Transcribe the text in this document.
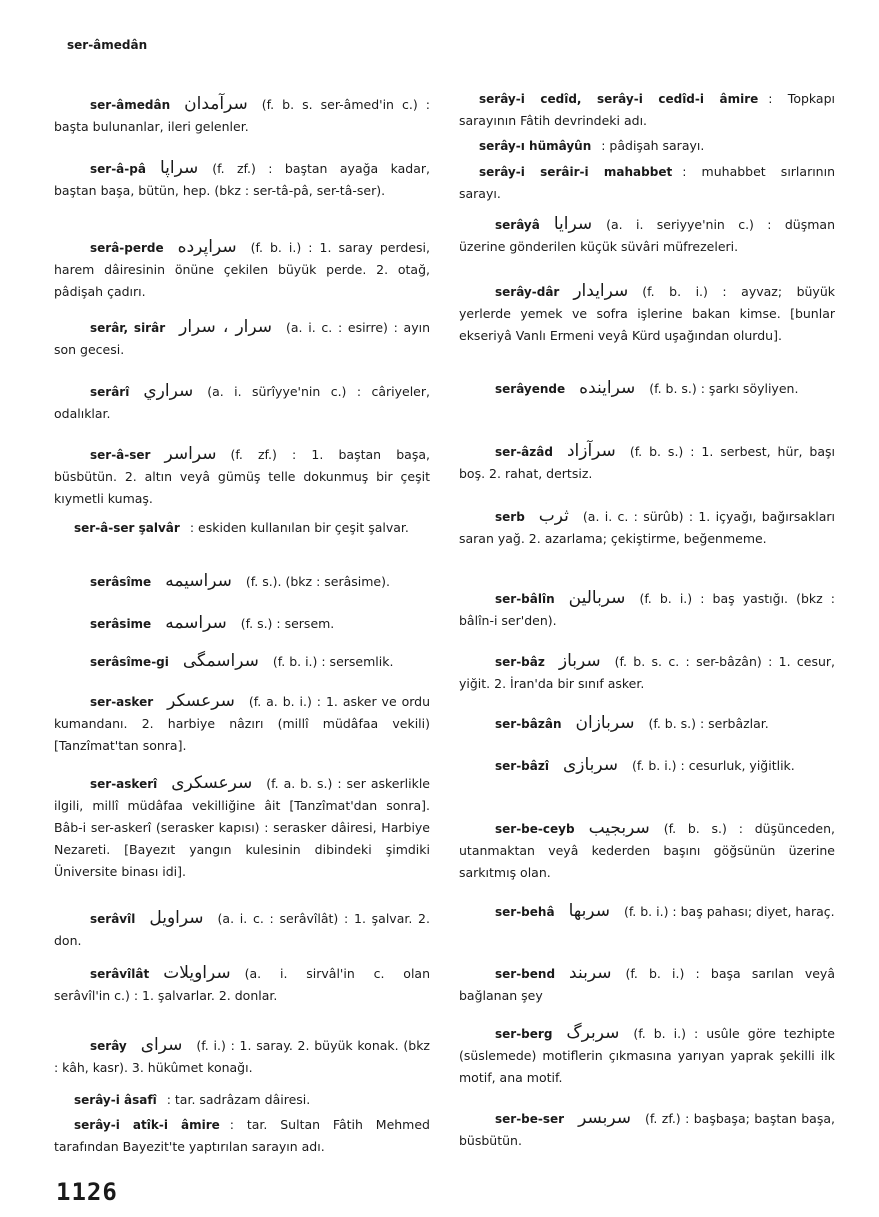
ser-âmedân
ser-âmedân سرآمدان (f. b. s. ser-âmed'in c.) : başta bulunanlar, ileri gelenler.
ser-â-pâ سراپا (f. zf.) : baştan ayağa kadar, baştan başa, bütün, hep. (bkz : ser-tâ-pâ, ser-tâ-ser).
serâ-perde سراپرده (f. b. i.) : 1. saray perdesi, harem dâiresinin önüne çekilen büyük perde. 2. otağ, pâdişah çadırı.
serâr, sirâr سرار ، سرار (a. i. c. : esirre) : ayın son gecesi.
serârî سراري (a. i. sürîyye'nin c.) : câriyeler, odalıklar.
ser-â-ser سراسر (f. zf.) : 1. baştan başa, büsbütün. 2. altın veyâ gümüş telle dokunmuş bir çeşit kıymetli kumaş.
ser-â-ser şalvâr : eskiden kullanılan bir çeşit şalvar.
serâsîme سراسيمه (f. s.). (bkz : serâsime).
serâsime سراسمه (f. s.) : sersem.
serâsîme-gi سراسمگی (f. b. i.) : sersemlik.
ser-asker سرعسكر (f. a. b. i.) : 1. asker ve ordu kumandanı. 2. harbiye nâzırı (millî müdâfaa vekili) [Tanzîmat'tan sonra].
ser-askerî سرعسكرى (f. a. b. s.) : ser askerlikle ilgili, millî müdâfaa vekilliğine âit [Tanzîmat'dan sonra]. Bâb-i ser-askerî (serasker kapısı) : serasker dâiresi, Harbiye Nezareti. [Bayezıt yangın kulesinin dibindeki şimdiki Üniversite binası idi].
serâvîl سراويل (a. i. c. : serâvîlât) : 1. şalvar. 2. don.
serâvîlât سراويلات (a. i. sirvâl'in c. olan serâvîl'in c.) : 1. şalvarlar. 2. donlar.
serây سراى (f. i.) : 1. saray. 2. büyük konak. (bkz : kâh, kasr). 3. hükûmet konağı.
serây-i âsafî : tar. sadrâzam dâiresi.
serây-i atîk-i âmire : tar. Sultan Fâtih Mehmed tarafından Bayezit'te yaptırılan sarayın adı.
serây-i cedîd, serây-i cedîd-i âmire : Topkapı sarayının Fâtih devrindeki adı.
serây-ı hümâyûn : pâdişah sarayı.
serây-i serâir-i mahabbet : muhabbet sırlarının sarayı.
serâyâ سرايا (a. i. seriyye'nin c.) : düşman üzerine gönderilen küçük süvâri müfrezeleri.
serây-dâr سرايدار (f. b. i.) : ayvaz; büyük yerlerde yemek ve sofra işlerine bakan kimse. [bunlar ekseriyâ Vanlı Ermeni veyâ Kürd uşağından olurdu].
serâyende سراينده (f. b. s.) : şarkı söyliyen.
ser-âzâd سرآزاد (f. b. s.) : 1. serbest, hür, başı boş. 2. rahat, dertsiz.
serb ثرب (a. i. c. : sürûb) : 1. içyağı, bağırsakları saran yağ. 2. azarlama; çekiştirme, beğenmeme.
ser-bâlîn سربالين (f. b. i.) : baş yastığı. (bkz : bâlîn-i ser'den).
ser-bâz سرباز (f. b. s. c. : ser-bâzân) : 1. cesur, yiğit. 2. İran'da bir sınıf asker.
ser-bâzân سربازان (f. b. s.) : serbâzlar.
ser-bâzî سربازى (f. b. i.) : cesurluk, yiğitlik.
ser-be-ceyb سربجيب (f. b. s.) : düşünceden, utanmaktan veyâ kederden başını göğsünün üzerine sarkıtmış olan.
ser-behâ سربها (f. b. i.) : baş pahası; diyet, haraç.
ser-bend سربند (f. b. i.) : başa sarılan veyâ bağlanan şey
ser-berg سربرگ (f. b. i.) : usûle göre tezhipte (süslemede) motiflerin çıkmasına yarıyan yaprak şekilli ilk motif, ana motif.
ser-be-ser سربسر (f. zf.) : başbaşa; baştan başa, büsbütün.
1126
